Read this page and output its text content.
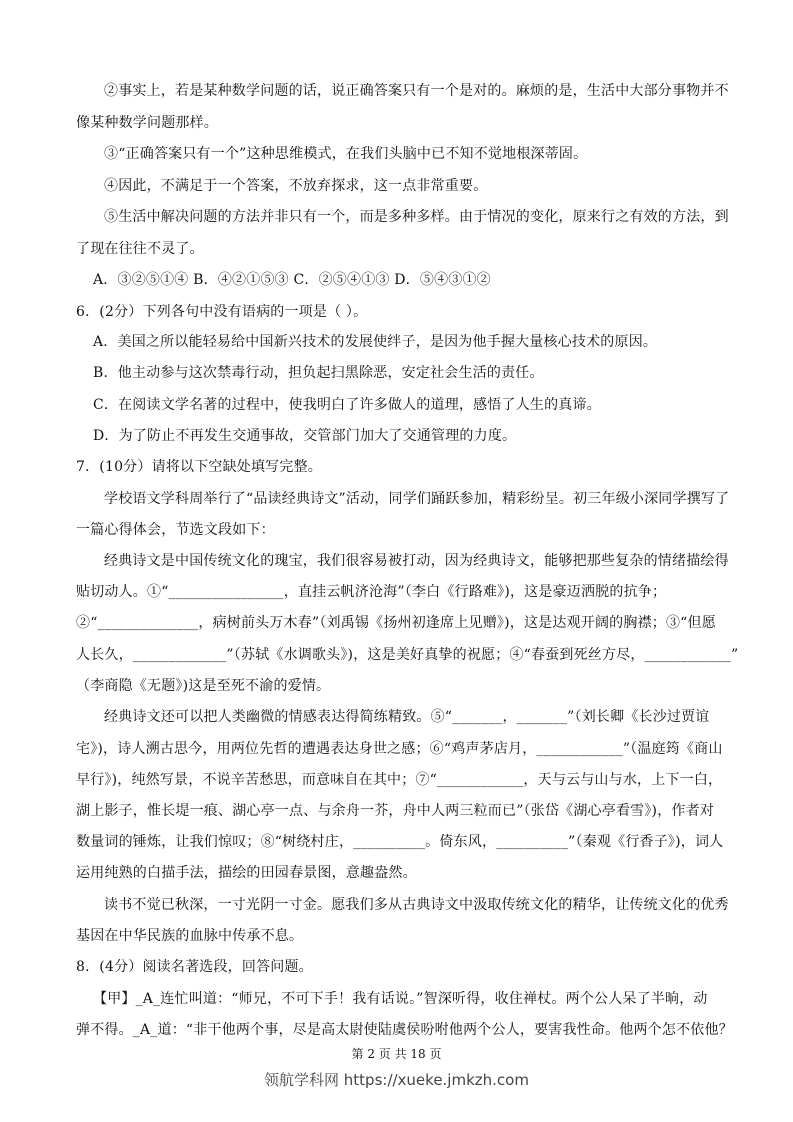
②事实上，若是某种数学问题的话，说正确答案只有一个是对的。麻烦的是，生活中大部分事物并不
像某种数学问题那样。
③“正确答案只有一个”这种思维模式，在我们头脑中已不知不觉地根深蒂固。
④因此，不满足于一个答案，不放弃探求，这一点非常重要。
⑤生活中解决问题的方法并非只有一个，而是多种多样。由于情况的变化，原来行之有效的方法，到
了现在往往不灵了。
A．③②⑤①④ B．④②①⑤③ C．②⑤④①③ D．⑤④③①②
6．(2分）下列各句中没有语病的一项是（ ）。
A．美国之所以能轻易给中国新兴技术的发展使绊子，是因为他手握大量核心技术的原因。
B．他主动参与这次禁毒行动，担负起扫黑除恶，安定社会生活的责任。
C．在阅读文学名著的过程中，使我明白了许多做人的道理，感悟了人生的真谛。
D．为了防止不再发生交通事故，交管部门加大了交通管理的力度。
7．(10分）请将以下空缺处填写完整。
学校语文学科周举行了“品读经典诗文”活动，同学们踊跃参加，精彩纷呈。初三年级小深同学撰写了
一篇心得体会，节选文段如下：
经典诗文是中国传统文化的瑰宝，我们很容易被打动，因为经典诗文，能够把那些复杂的情绪描绘得
贴切动人。①“________________，直挂云帆济沧海”（李白《行路难》)，这是豪迈洒脱的抗争；
②“______________，病树前头万木春”（刘禹锡《扬州初逢席上见赠》)，这是达观开阔的胸襟；③“但愿
人长久，_____________”（苏轼《水调歌头》)，这是美好真挚的祝愿；④“春蚕到死丝方尽，____________”
（李商隐《无题》)这是至死不渝的爱情。
经典诗文还可以把人类幽微的情感表达得简练精致。⑤“_______，_______”（刘长卿《长沙过贾谊
宅》)，诗人溯古思今，用两位先哲的遭遇表达身世之感；⑥“鸡声茅店月，____________”（温庭筠《商山
早行》)，纯然写景，不说辛苦愁思，而意味自在其中；⑦“____________，天与云与山与水，上下一白，
湖上影子，惟长堤一痕、湖心亭一点、与余舟一芥，舟中人两三粒而已”（张岱《湖心亭看雪》)，作者对
数量词的锤炼，让我们惊叹；⑧“树绕村庄，__________。倚东风，__________”（秦观《行香子》)，词人
运用纯熟的白描手法，描绘的田园春景图，意趣盎然。
读书不觉已秋深，一寸光阴一寸金。愿我们多从古典诗文中汲取传统文化的精华，让传统文化的优秀
基因在中华民族的血脉中传承不息。
8．(4分）阅读名著选段，回答问题。
【甲】_A_连忙叫道：“师兄，不可下手！我有话说。”智深听得，收住禅杖。两个公人呆了半晌，动
弹不得。_A_道：“非干他两个事，尽是高太尉使陆虞侯吩咐他两个公人，要害我性命。他两个怎不依他？
第 2 页 共 18 页
领航学科网 https://xueke.jmkzh.com
